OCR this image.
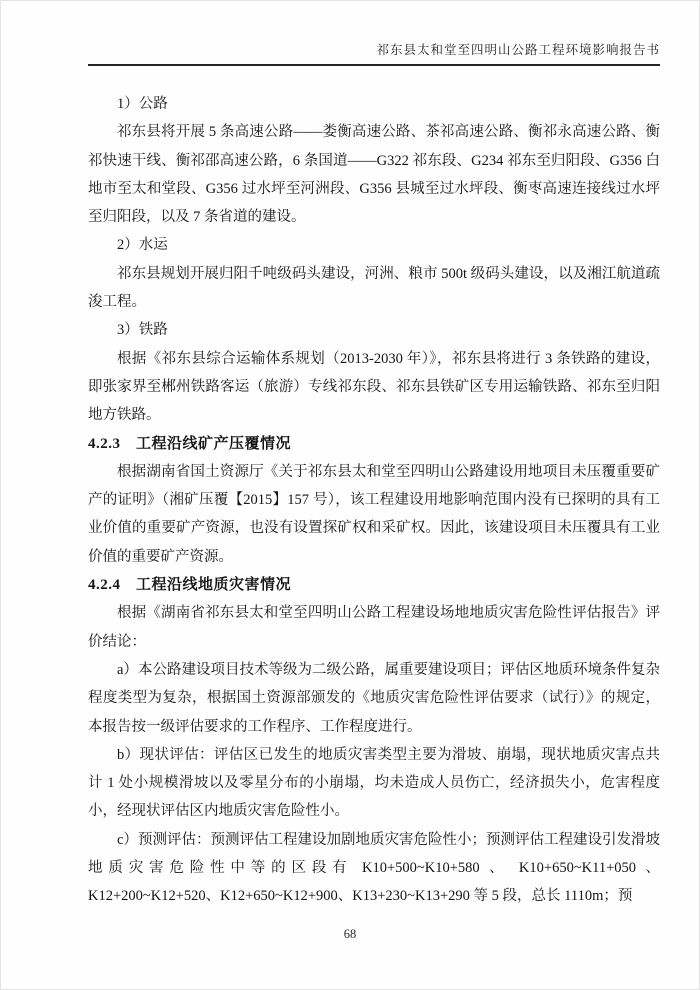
祁东县太和堂至四明山公路工程环境影响报告书

1）公路

祁东县将开展 5 条高速公路——娄衡高速公路、茶祁高速公路、衡祁永高速公路、衡祁快速干线、衡祁邵高速公路，6 条国道——G322 祁东段、G234 祁东至归阳段、G356 白地市至太和堂段、G356 过水坪至河洲段、G356 县城至过水坪段、衡枣高速连接线过水坪至归阳段，以及 7 条省道的建设。

2）水运

祁东县规划开展归阳千吨级码头建设，河洲、粮市 500t 级码头建设，以及湘江航道疏浚工程。

3）铁路

根据《祁东县综合运输体系规划（2013-2030 年）》，祁东县将进行 3 条铁路的建设，即张家界至郴州铁路客运（旅游）专线祁东段、祁东县铁矿区专用运输铁路、祁东至归阳地方铁路。

4.2.3　工程沿线矿产压覆情况

根据湖南省国土资源厅《关于祁东县太和堂至四明山公路建设用地项目未压覆重要矿产的证明》（湘矿压覆【2015】157 号），该工程建设用地影响范围内没有已探明的具有工业价值的重要矿产资源，也没有设置探矿权和采矿权。因此，该建设项目未压覆具有工业价值的重要矿产资源。

4.2.4　工程沿线地质灾害情况

根据《湖南省祁东县太和堂至四明山公路工程建设场地地质灾害危险性评估报告》评价结论：

a）本公路建设项目技术等级为二级公路，属重要建设项目；评估区地质环境条件复杂程度类型为复杂，根据国土资源部颁发的《地质灾害危险性评估要求（试行）》的规定，本报告按一级评估要求的工作程序、工作程度进行。

b）现状评估：评估区已发生的地质灾害类型主要为滑坡、崩塌，现状地质灾害点共计 1 处小规模滑坡以及零星分布的小崩塌，均未造成人员伤亡，经济损失小，危害程度小，经现状评估区内地质灾害危险性小。

c）预测评估：预测评估工程建设加剧地质灾害危险性小；预测评估工程建设引发滑坡地质灾害危险性中等的区段有 K10+500~K10+580 、 K10+650~K11+050 、K12+200~K12+520、K12+650~K12+900、K13+230~K13+290 等 5 段，总长 1110m；预

68
